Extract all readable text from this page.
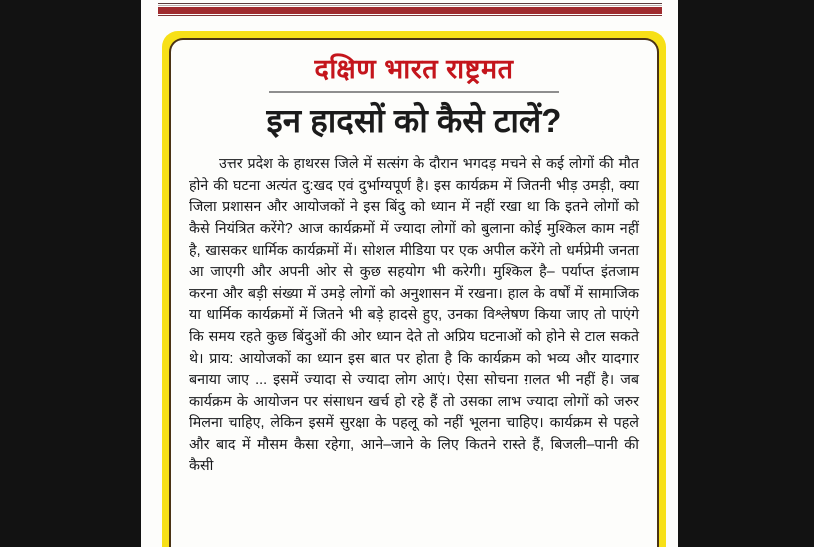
दक्षिण भारत राष्ट्रमत
इन हादसों को कैसे टालें?
उत्तर प्रदेश के हाथरस जिले में सत्संग के दौरान भगदड़ मचने से कई लोगों की मौत होने की घटना अत्यंत दु:खद एवं दुर्भाग्यपूर्ण है। इस कार्यक्रम में जितनी भीड़ उमड़ी, क्या जिला प्रशासन और आयोजकों ने इस बिंदु को ध्यान में नहीं रखा था कि इतने लोगों को कैसे नियंत्रित करेंगे? आज कार्यक्रमों में ज्यादा लोगों को बुलाना कोई मुश्किल काम नहीं है, खासकर धार्मिक कार्यक्रमों में। सोशल मीडिया पर एक अपील करेंगे तो धर्मप्रेमी जनता आ जाएगी और अपनी ओर से कुछ सहयोग भी करेगी। मुश्किल है– पर्याप्त इंतजाम करना और बड़ी संख्या में उमड़े लोगों को अनुशासन में रखना। हाल के वर्षों में सामाजिक या धार्मिक कार्यक्रमों में जितने भी बड़े हादसे हुए, उनका विश्लेषण किया जाए तो पाएंगे कि समय रहते कुछ बिंदुओं की ओर ध्यान देते तो अप्रिय घटनाओं को होने से टाल सकते थे। प्राय: आयोजकों का ध्यान इस बात पर होता है कि कार्यक्रम को भव्य और यादगार बनाया जाए ... इसमें ज्यादा से ज्यादा लोग आएं। ऐसा सोचना ग़लत भी नहीं है। जब कार्यक्रम के आयोजन पर संसाधन खर्च हो रहे हैं तो उसका लाभ ज्यादा लोगों को जरुर मिलना चाहिए, लेकिन इसमें सुरक्षा के पहलू को नहीं भूलना चाहिए। कार्यक्रम से पहले और बाद में मौसम कैसा रहेगा, आने–जाने के लिए कितने रास्ते हैं, बिजली–पानी की कैसी
